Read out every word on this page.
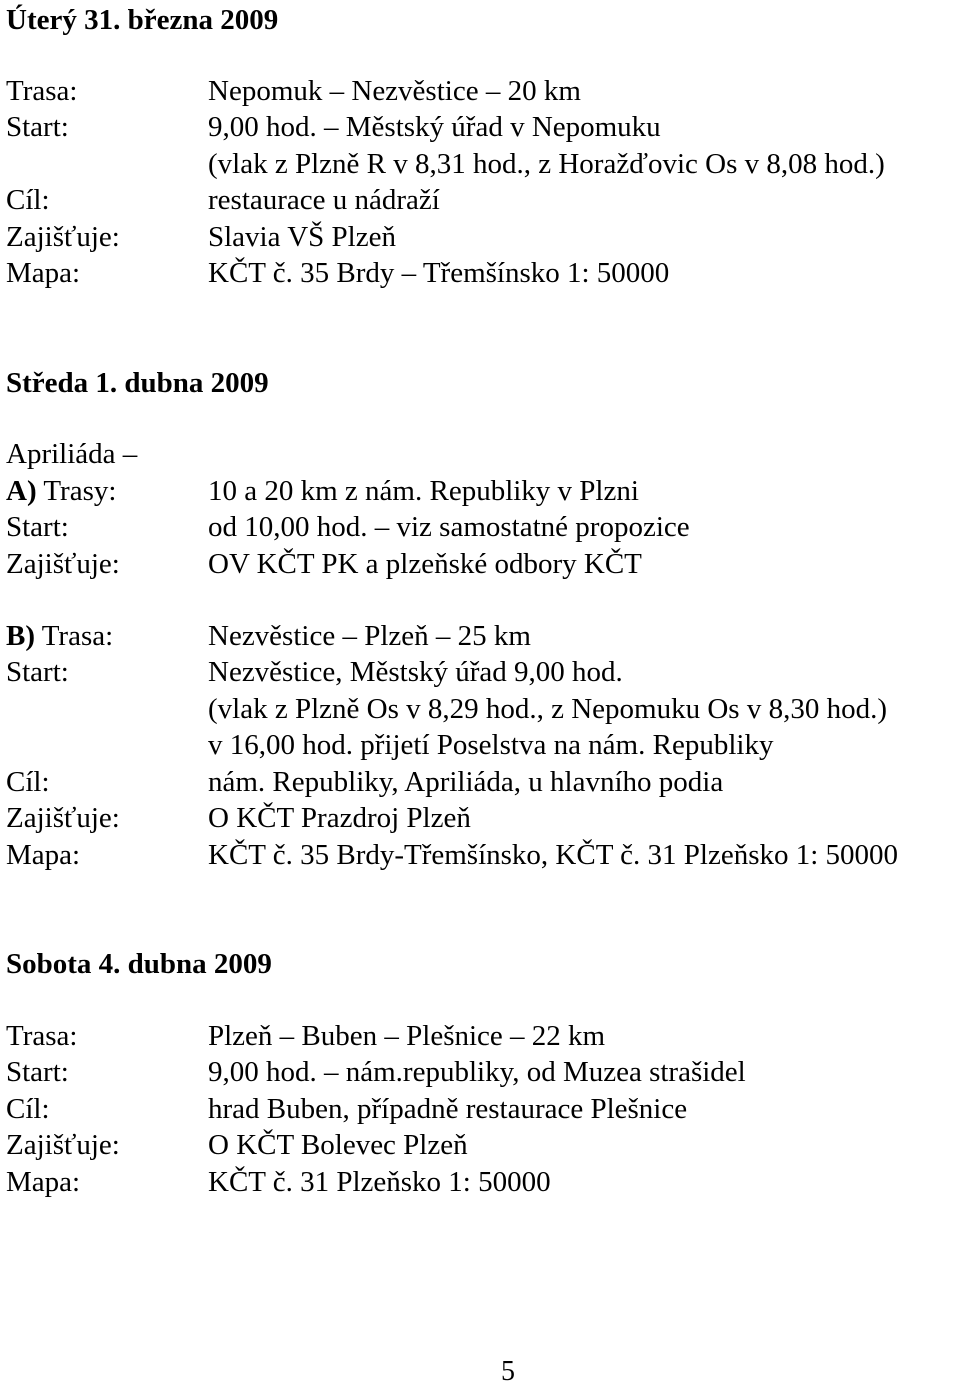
Úterý 31. března 2009
Trasa:	Nepomuk – Nezvěstice – 20 km
Start:	9,00 hod. – Městský úřad v Nepomuku
(vlak z Plzně R v 8,31 hod., z Horažďovic Os v 8,08 hod.)
Cíl:	restaurace u nádraží
Zajišťuje:	Slavia VŠ Plzeň
Mapa:	KČT č. 35 Brdy – Třemšínsko 1: 50000
Středa 1. dubna 2009
Apriliáda –
A) Trasy:	10 a 20 km z nám. Republiky v Plzni
Start:	od 10,00 hod. – viz samostatné propozice
Zajišťuje:	OV KČT PK a plzeňské odbory KČT
B) Trasa:	Nezvěstice – Plzeň – 25 km
Start:	Nezvěstice, Městský úřad 9,00 hod.
(vlak z Plzně Os v 8,29 hod., z Nepomuku Os v 8,30 hod.)
v 16,00 hod. přijetí Poselstva na nám. Republiky
Cíl:	nám. Republiky, Apriliáda, u hlavního podia
Zajišťuje:	O KČT Prazdroj Plzeň
Mapa:	KČT č. 35 Brdy-Třemšínsko, KČT č. 31 Plzeňsko 1: 50000
Sobota 4. dubna 2009
Trasa:	Plzeň – Buben – Plešnice – 22 km
Start:	9,00 hod. – nám.republiky, od Muzea strašidel
Cíl:	hrad Buben, případně restaurace Plešnice
Zajišťuje:	O KČT Bolevec Plzeň
Mapa:	KČT č. 31 Plzeňsko 1: 50000
5
